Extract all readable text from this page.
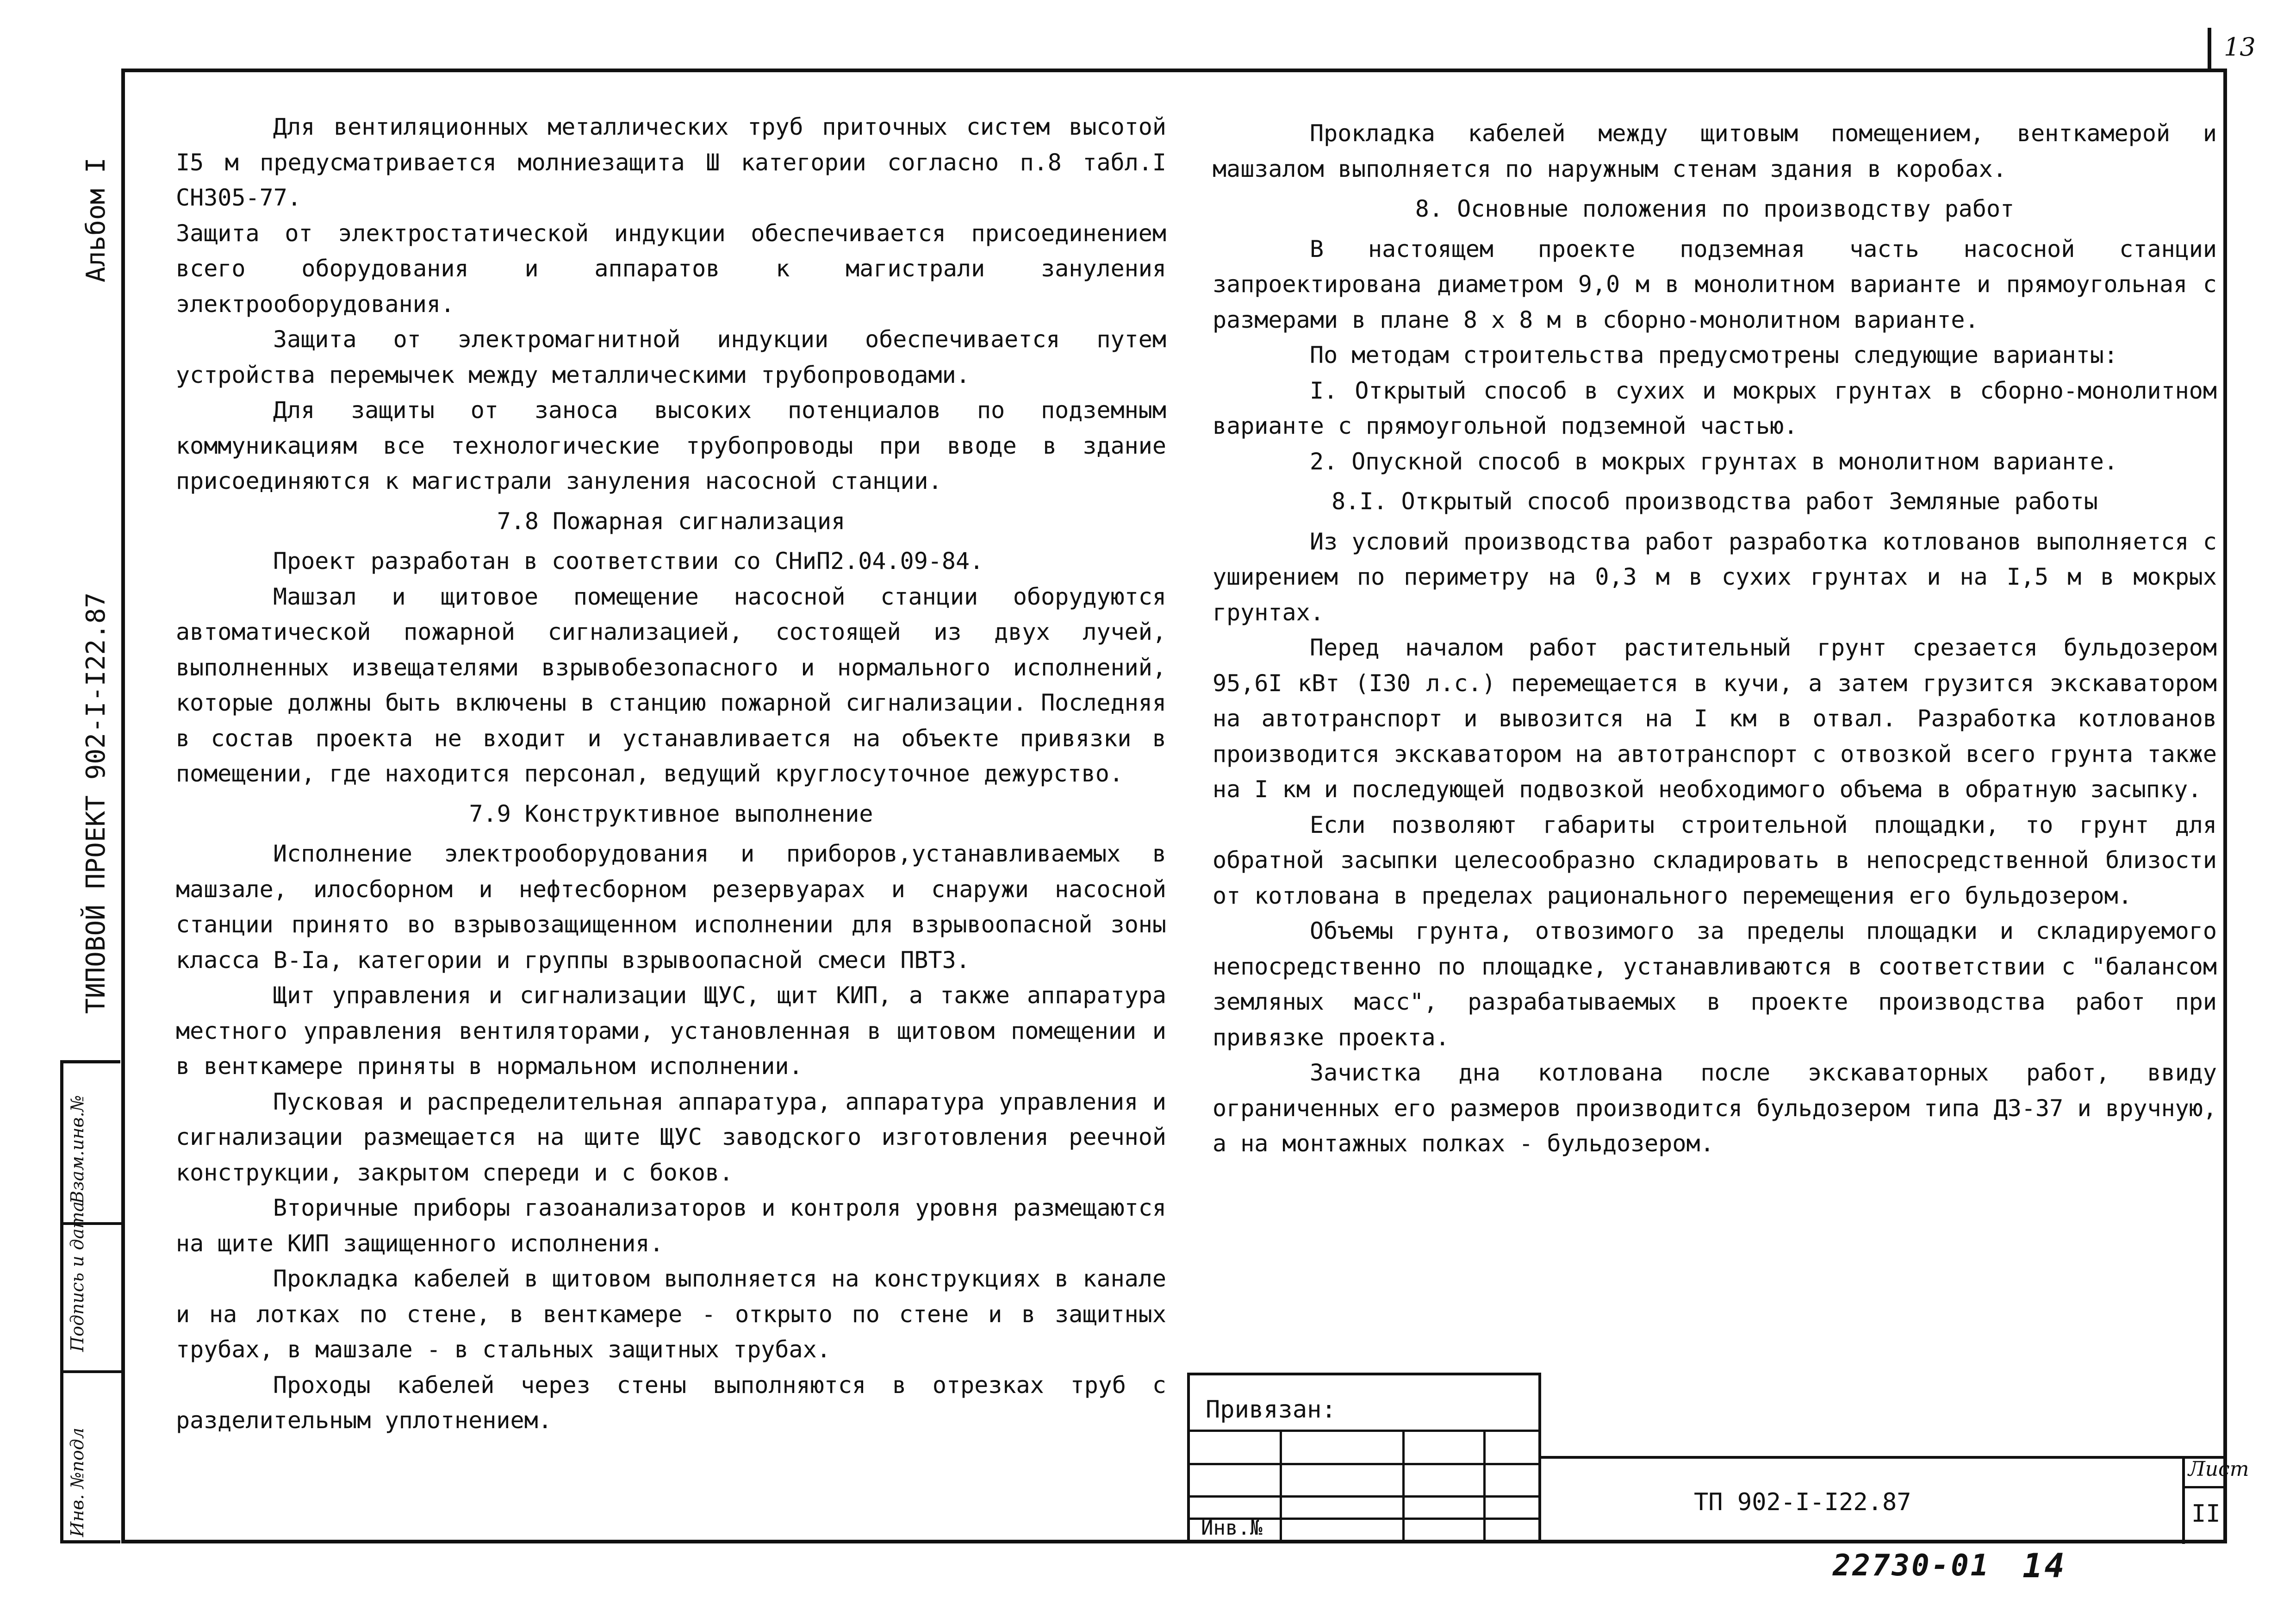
13
Альбом I
ТИПОВОЙ ПРОЕКТ 902-I-I22.87
Взам.инв.№
Подпись и дата
Инв. №подл

Для вентиляционных металлических труб приточных систем высотой I5 м предусматривается молниезащита Ш категории согласно п.8 табл.I СН305-77.

Защита от электростатической индукции обеспечивается присоединением всего оборудования и аппаратов к магистрали зануления электрооборудования.

Защита от электромагнитной индукции обеспечивается путем устройства перемычек между металлическими трубопроводами.

Для защиты от заноса высоких потенциалов по подземным коммуникациям все технологические трубопроводы при вводе в здание присоединяются к магистрали зануления насосной станции.

7.8 Пожарная сигнализация

Проект разработан в соответствии со СНиП2.04.09-84.

Машзал и щитовое помещение насосной станции оборудуются автоматической пожарной сигнализацией, состоящей из двух лучей, выполненных извещателями взрывобезопасного и нормального исполнений, которые должны быть включены в станцию пожарной сигнализации. Последняя в состав проекта не входит и устанавливается на объекте привязки в помещении, где находится персонал, ведущий круглосуточное дежурство.

7.9 Конструктивное выполнение

Исполнение электрооборудования и приборов,устанавливаемых в машзале, илосборном и нефтесборном резервуарах и снаружи насосной станции принято во взрывозащищенном исполнении для взрывоопасной зоны класса В-Iа, категории и группы взрывоопасной смеси ПВТЗ.

Щит управления и сигнализации ЩУС, щит КИП, а также аппаратура местного управления вентиляторами, установленная в щитовом помещении и в венткамере приняты в нормальном исполнении.

Пусковая и распределительная аппаратура, аппаратура управления и сигнализации размещается на щите ЩУС заводского изготовления реечной конструкции, закрытом спереди и с боков.

Вторичные приборы газоанализаторов и контроля уровня размещаются на щите КИП защищенного исполнения.

Прокладка кабелей в щитовом выполняется на конструкциях в канале и на лотках по стене, в венткамере - открыто по стене и в защитных трубах, в машзале - в стальных защитных трубах.

Проходы кабелей через стены выполняются в отрезках труб с разделительным уплотнением.

Прокладка кабелей между щитовым помещением, венткамерой и машзалом выполняется по наружным стенам здания в коробах.

8. Основные положения по производству работ

В настоящем проекте подземная часть насосной станции запроектирована диаметром 9,0 м в монолитном варианте и прямоугольная с размерами в плане 8 х 8 м в сборно-монолитном варианте.

По методам строительства предусмотрены следующие варианты:

I. Открытый способ в сухих и мокрых грунтах в сборно-монолитном варианте с прямоугольной подземной частью.

2. Опускной способ в мокрых грунтах в монолитном варианте.

8.I. Открытый способ производства работ Земляные работы

Из условий производства работ разработка котлованов выполняется с уширением по периметру на 0,3 м в сухих грунтах и на I,5 м в мокрых грунтах.

Перед началом работ растительный грунт срезается бульдозером 95,6I кВт (I30 л.с.) перемещается в кучи, а затем грузится экскаватором на автотранспорт и вывозится на I км в отвал. Разработка котлованов производится экскаватором на автотранспорт с отвозкой всего грунта также на I км и последующей подвозкой необходимого объема в обратную засыпку.

Если позволяют габариты строительной площадки, то грунт для обратной засыпки целесообразно складировать в непосредственной близости от котлована в пределах рационального перемещения его бульдозером.

Объемы грунта, отвозимого за пределы площадки и складируемого непосредственно по площадке, устанавливаются в соответствии с "балансом земляных масс", разрабатываемых в проекте производства работ при привязке проекта.

Зачистка дна котлована после экскаваторных работ, ввиду ограниченных его размеров производится бульдозером типа ДЗ-37 и вручную, а на монтажных полках - бульдозером.

Привязан:
Инв.№
ТП 902-I-I22.87
Лист
II
22730-01 14
